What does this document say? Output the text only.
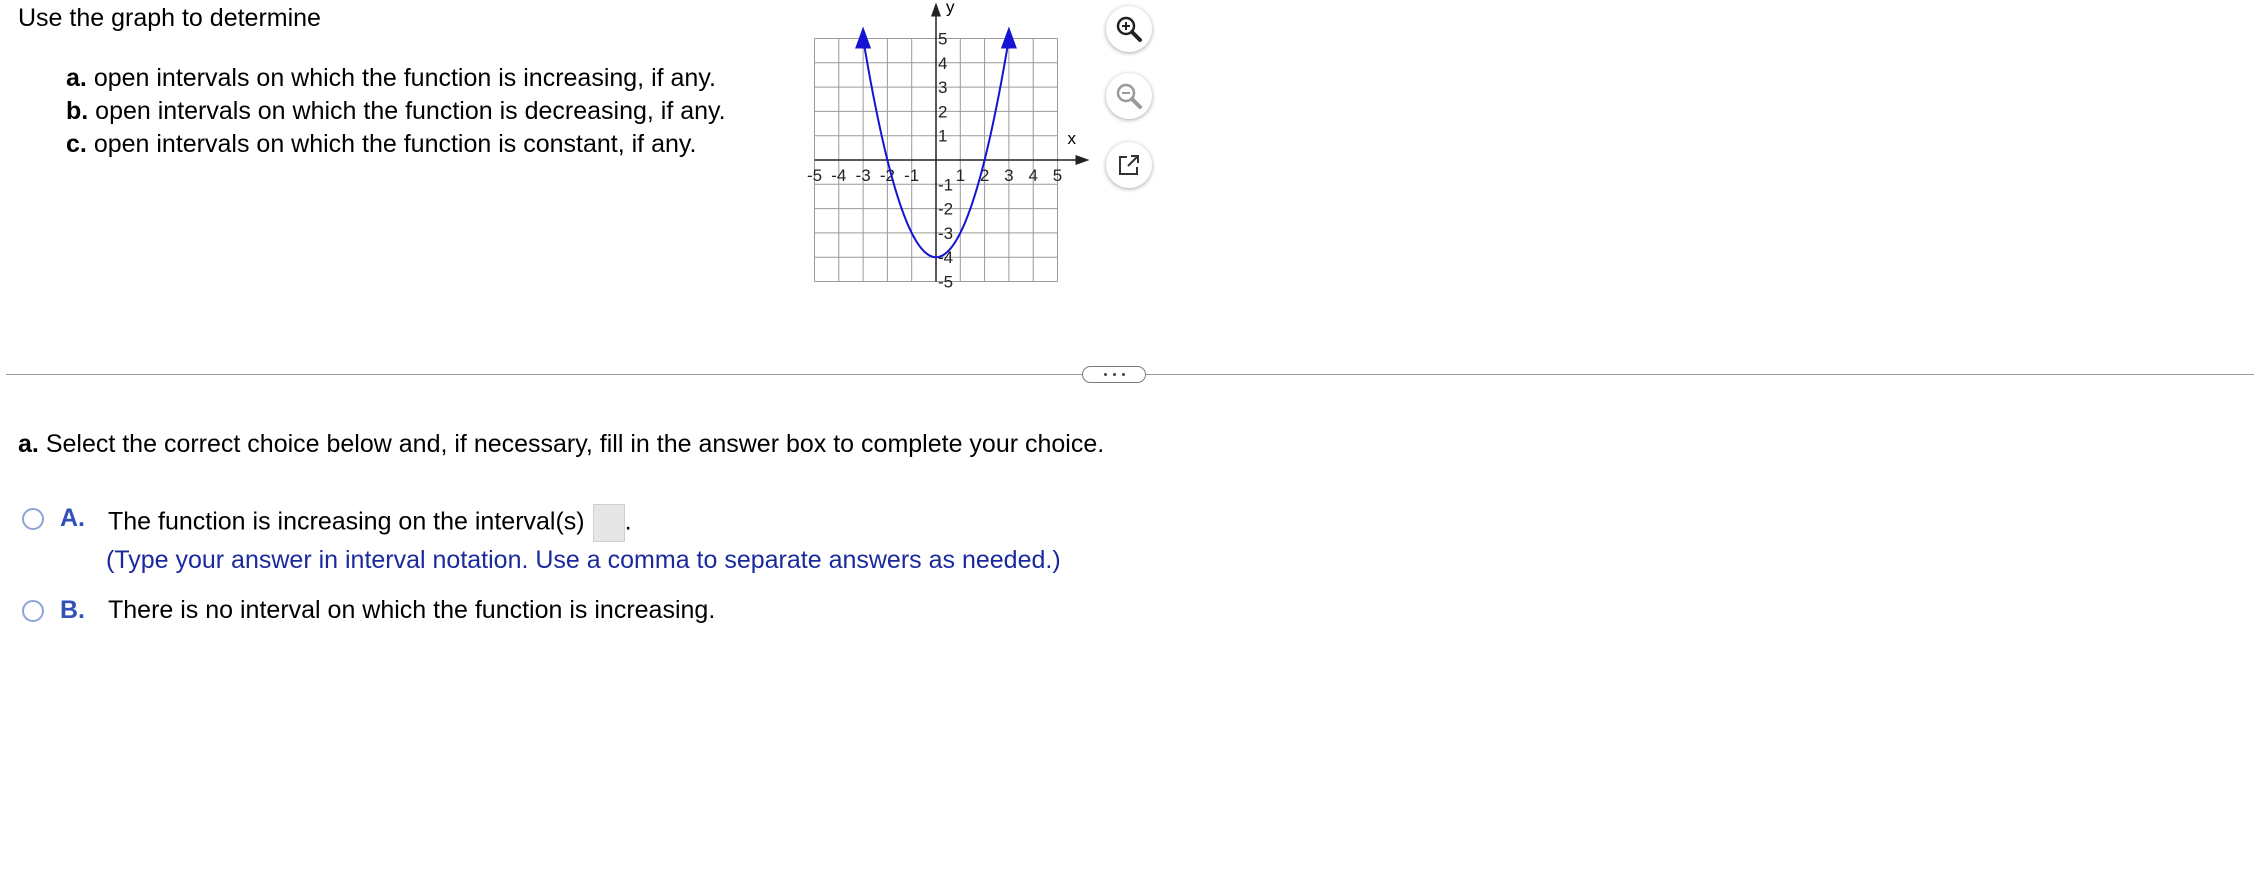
Use the graph to determine
a. open intervals on which the function is increasing, if any.
b. open intervals on which the function is decreasing, if any.
c. open intervals on which the function is constant, if any.	x
y
-5 -4 -3 -2 -1 1 2 3 4 5
1
2
3
4
5
-1
-2
-3
-4
-5
a. Select the correct choice below and, if necessary, fill in the answer box to complete your choice.
A. The function is increasing on the interval(s) .
(Type your answer in interval notation. Use a comma to separate answers as needed.)
B. There is no interval on which the function is increasing.
